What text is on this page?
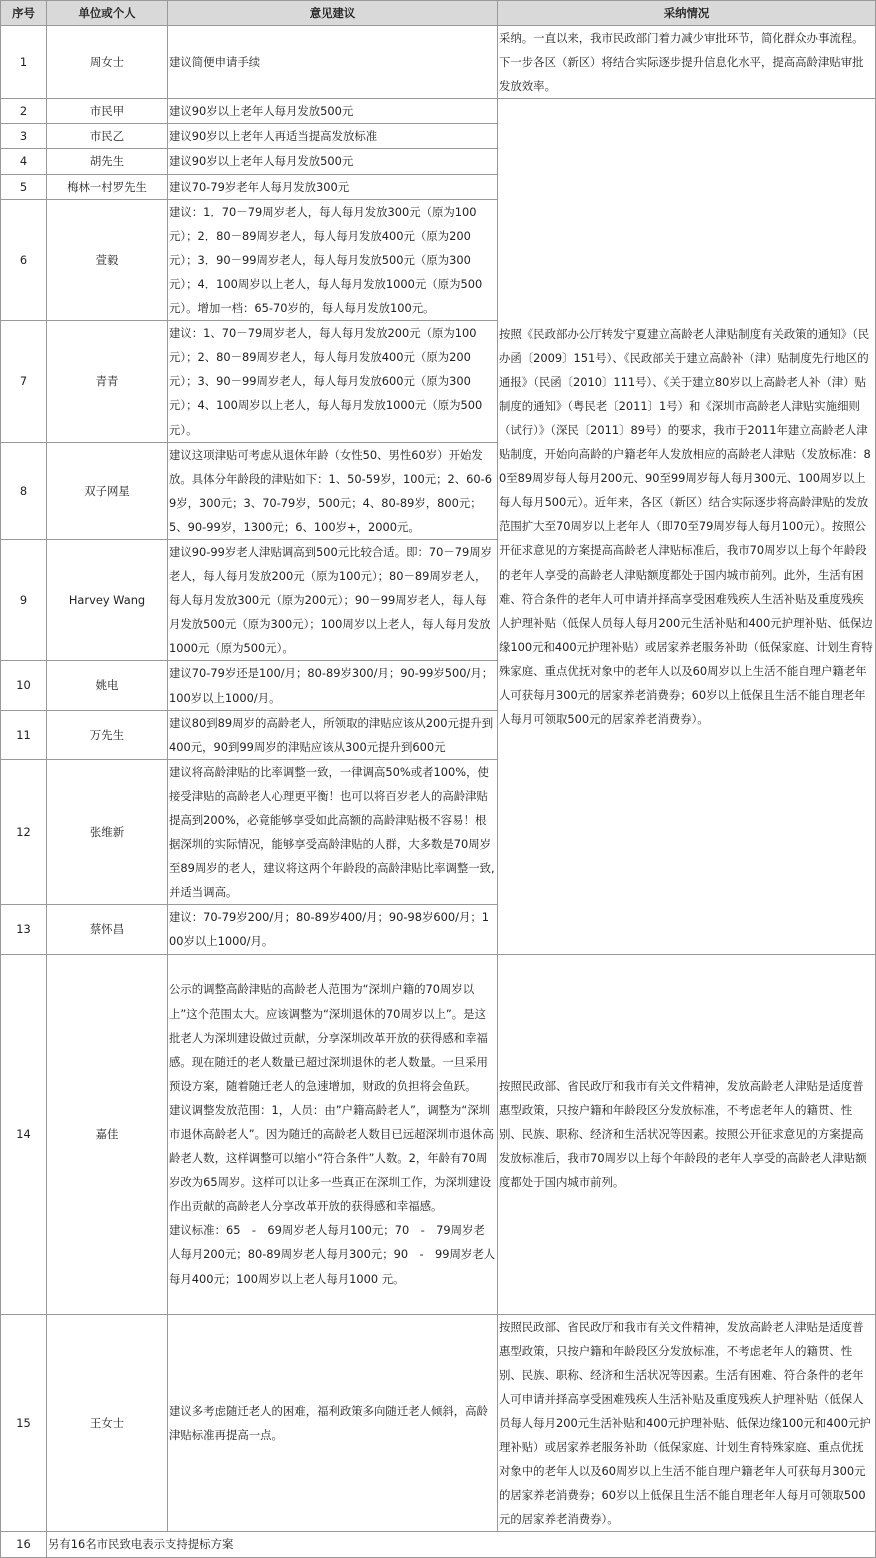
序号	单位或个人	意见建议	采纳情况
1	周女士	建议简便申请手续	采纳。一直以来，我市民政部门着力减少审批环节，简化群众办事流程。下一步各区（新区）将结合实际逐步提升信息化水平，提高高龄津贴审批发放效率。
2	市民甲	建议90岁以上老年人每月发放500元	按照《民政部办公厅转发宁夏建立高龄老人津贴制度有关政策的通知》（民办函〔2009〕151号）、《民政部关于建立高龄补（津）贴制度先行地区的通报》（民函〔2010〕111号）、《关于建立80岁以上高龄老人补（津）贴制度的通知》（粤民老〔2011〕1号）和《深圳市高龄老人津贴实施细则（试行）》（深民〔2011〕89号）的要求，我市于2011年建立高龄老人津贴制度，开始向高龄的户籍老年人发放相应的高龄老人津贴（发放标准：80至89周岁每人每月200元、90至99周岁每人每月300元、100周岁以上每人每月500元）。近年来，各区（新区）结合实际逐步将高龄津贴的发放范围扩大至70周岁以上老年人（即70至79周岁每人每月100元）。按照公开征求意见的方案提高高龄老人津贴标准后，我市70周岁以上每个年龄段的老年人享受的高龄老人津贴额度都处于国内城市前列。此外，生活有困难、符合条件的老年人可申请并择高享受困难残疾人生活补贴及重度残疾人护理补贴（低保人员每人每月200元生活补贴和400元护理补贴、低保边缘100元和400元护理补贴）或居家养老服务补助（低保家庭、计划生育特殊家庭、重点优抚对象中的老年人以及60周岁以上生活不能自理户籍老年人可获每月300元的居家养老消费券；60岁以上低保且生活不能自理老年人每月可领取500元的居家养老消费券）。
3	市民乙	建议90岁以上老年人再适当提高发放标准	
4	胡先生	建议90岁以上老年人每月发放500元	
5	梅林一村罗先生	建议70-79岁老年人每月发放300元	
6	萱毅	建议：1．70－79周岁老人，每人每月发放300元（原为100元）；2．80－89周岁老人，每人每月发放400元（原为200元）；3．90－99周岁老人，每人每月发放500元（原为300元）；4．100周岁以上老人，每人每月发放1000元（原为500元）。增加一档：65-70岁的，每人每月发放100元。	
7	青青	建议：1、70－79周岁老人，每人每月发放200元（原为100元）；2、80－89周岁老人，每人每月发放400元（原为200元）；3、90－99周岁老人，每人每月发放600元（原为300元）；4、100周岁以上老人，每人每月发放1000元（原为500元）。	
8	双子网星	建议这项津贴可考虑从退休年龄（女性50、男性60岁）开始发放。具体分年龄段的津贴如下：1、50-59岁，100元；2、60-69岁，300元；3、70-79岁，500元；4、80-89岁，800元；5、90-99岁，1300元；6、100岁+，2000元。	
9	Harvey Wang	建议90-99岁老人津贴调高到500元比较合适。即：70－79周岁老人，每人每月发放200元（原为100元）；80－89周岁老人，每人每月发放300元（原为200元）；90－99周岁老人，每人每月发放500元（原为300元）；100周岁以上老人，每人每月发放1000元（原为500元）。	
10	姚电	建议70-79岁还是100/月；80-89岁300/月；90-99岁500/月；100岁以上1000/月。	
11	万先生	建议80到89周岁的高龄老人，所领取的津贴应该从200元提升到400元，90到99周岁的津贴应该从300元提升到600元	
12	张维新	建议将高龄津贴的比率调整一致，一律调高50%或者100%，使接受津贴的高龄老人心理更平衡！也可以将百岁老人的高龄津贴提高到200%，必竟能够享受如此高额的高龄津贴极不容易！根据深圳的实际情况，能够享受高龄津贴的人群，大多数是70周岁至89周岁的老人，建议将这两个年龄段的高龄津贴比率调整一致,并适当调高。	
13	蔡怀昌	建议：70-79岁200/月；80-89岁400/月；90-98岁600/月；100岁以上1000/月。	
14	嘉佳	公示的调整高龄津贴的高龄老人范围为“深圳户籍的70周岁以上”这个范围太大。应该调整为“深圳退休的70周岁以上”。是这批老人为深圳建设做过贡献，分享深圳改革开放的获得感和幸福感。现在随迁的老人数量已超过深圳退休的老人数量。一旦采用预设方案，随着随迁老人的急速增加，财政的负担将会鱼跃。
建议调整发放范围：1，人员：由”户籍高龄老人”，调整为“深圳市退休高龄老人”。因为随迁的高龄老人数目已远超深圳市退休高龄老人数，这样调整可以缩小“符合条件”人数。2，年龄有70周岁改为65周岁。这样可以让多一些真正在深圳工作，为深圳建设作出贡献的高龄老人分享改革开放的获得感和幸福感。
建议标准：65　-　69周岁老人每月100元；70　-　79周岁老人每月200元；80-89周岁老人每月300元；90　-　99周岁老人每月400元；100周岁以上老人每月1000 元。	按照民政部、省民政厅和我市有关文件精神，发放高龄老人津贴是适度普惠型政策，只按户籍和年龄段区分发放标准，不考虑老年人的籍贯、性别、民族、职称、经济和生活状况等因素。按照公开征求意见的方案提高发放标准后，我市70周岁以上每个年龄段的老年人享受的高龄老人津贴额度都处于国内城市前列。
15	王女士	建议多考虑随迁老人的困难，福利政策多向随迁老人倾斜，高龄津贴标准再提高一点。	按照民政部、省民政厅和我市有关文件精神，发放高龄老人津贴是适度普惠型政策，只按户籍和年龄段区分发放标准，不考虑老年人的籍贯、性别、民族、职称、经济和生活状况等因素。生活有困难、符合条件的老年人可申请并择高享受困难残疾人生活补贴及重度残疾人护理补贴（低保人员每人每月200元生活补贴和400元护理补贴、低保边缘100元和400元护理补贴）或居家养老服务补助（低保家庭、计划生育特殊家庭、重点优抚对象中的老年人以及60周岁以上生活不能自理户籍老年人可获每月300元的居家养老消费券；60岁以上低保且生活不能自理老年人每月可领取500元的居家养老消费券）。
16	另有16名市民致电表示支持提标方案		
